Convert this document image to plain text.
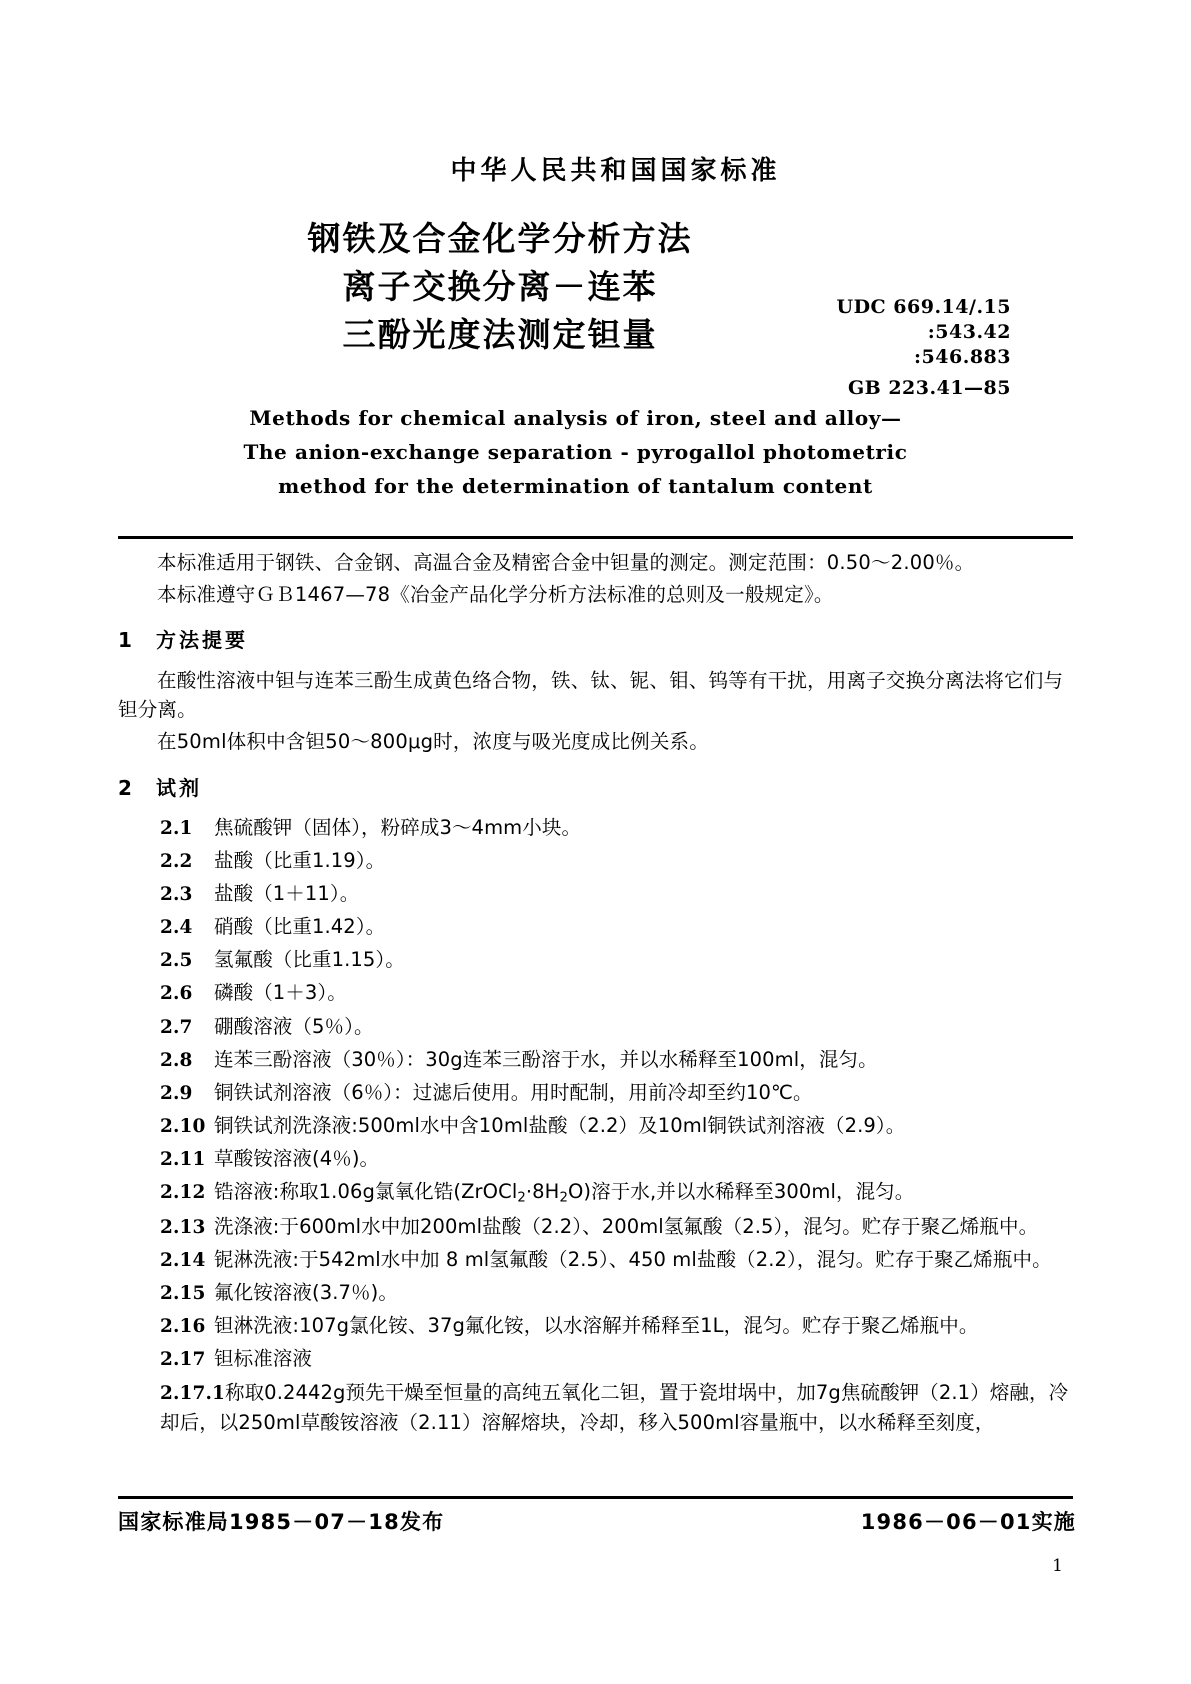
中华人民共和国国家标准
钢铁及合金化学分析方法
离子交换分离－连苯
三酚光度法测定钽量
UDC 669.14/.15
:543.42
:546.883
GB 223.41—85
Methods for chemical analysis of iron, steel and alloy—
The anion-exchange separation - pyrogallol photometric
method for the determination of tantalum content

本标准适用于钢铁、合金钢、高温合金及精密合金中钽量的测定。测定范围：0.50～2.00％。

本标准遵守ＧＢ1467—78《冶金产品化学分析方法标准的总则及一般规定》。

1 方法提要

在酸性溶液中钽与连苯三酚生成黄色络合物，铁、钛、铌、钼、钨等有干扰，用离子交换分离法将它们与钽分离。

在50ml体积中含钽50～800μg时，浓度与吸光度成比例关系。

2 试剂

2.1 焦硫酸钾（固体），粉碎成3～4mm小块。

2.2 盐酸（比重1.19）。

2.3 盐酸（1＋11）。

2.4 硝酸（比重1.42）。

2.5 氢氟酸（比重1.15）。

2.6 磷酸（1＋3）。

2.7 硼酸溶液（5％）。

2.8 连苯三酚溶液（30％）：30g连苯三酚溶于水，并以水稀释至100ml，混匀。

2.9 铜铁试剂溶液（6％）：过滤后使用。用时配制，用前冷却至约10℃。

2.10 铜铁试剂洗涤液:500ml水中含10ml盐酸（2.2）及10ml铜铁试剂溶液（2.9）。

2.11 草酸铵溶液(4％)。

2.12 锆溶液:称取1.06g氯氧化锆$(ZrOCl_2\cdot 8H_2O)$溶于水,并以水稀释至300ml，混匀。

2.13 洗涤液:于600ml水中加200ml盐酸（2.2）、200ml氢氟酸（2.5），混匀。贮存于聚乙烯瓶中。

2.14 铌淋洗液:于542ml水中加 8 ml氢氟酸（2.5）、450 ml盐酸（2.2），混匀。贮存于聚乙烯瓶中。

2.15 氟化铵溶液(3.7％)。

2.16 钽淋洗液:107g氯化铵、37g氟化铵，以水溶解并稀释至1L，混匀。贮存于聚乙烯瓶中。

2.17 钽标准溶液

2.17.1称取0.2442g预先干燥至恒量的高纯五氧化二钽，置于瓷坩埚中，加7g焦硫酸钾（2.1）熔融，冷却后，以250ml草酸铵溶液（2.11）溶解熔块，冷却，移入500ml容量瓶中，以水稀释至刻度，

国家标准局1985－07－18发布	1986－06－01实施
1
